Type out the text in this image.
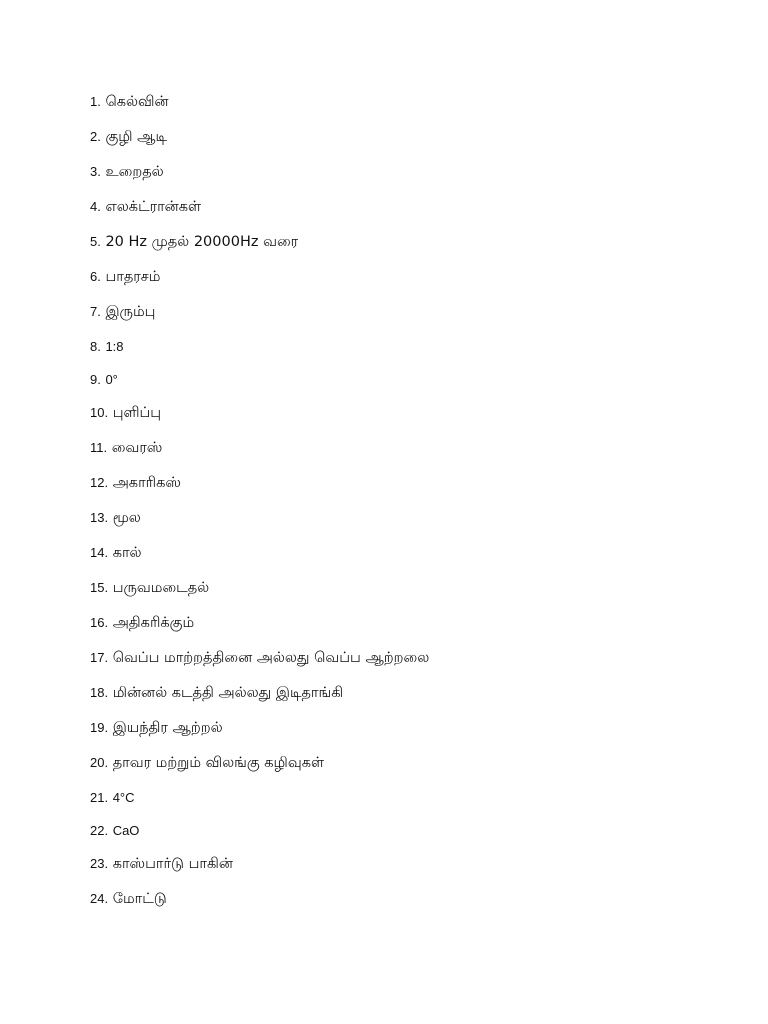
1. கெல்வின்
2. குழி ஆடி
3. உறைதல்
4. எலக்ட்ரான்கள்
5. 20 Hz முதல் 20000Hz வரை
6. பாதரசம்
7. இரும்பு
8. 1:8
9. 0°
10. புளிப்பு
11. வைரஸ்
12. அகாரிகஸ்
13. மூல
14. கால்
15. பருவமடைதல்
16. அதிகரிக்கும்
17. வெப்ப மாற்றத்தினை அல்லது வெப்ப ஆற்றலை
18. மின்னல் கடத்தி அல்லது இடிதாங்கி
19. இயந்திர ஆற்றல்
20. தாவர மற்றும் விலங்கு கழிவுகள்
21. 4°C
22. CaO
23. காஸ்பார்டு பாகின்
24. மோட்டு
